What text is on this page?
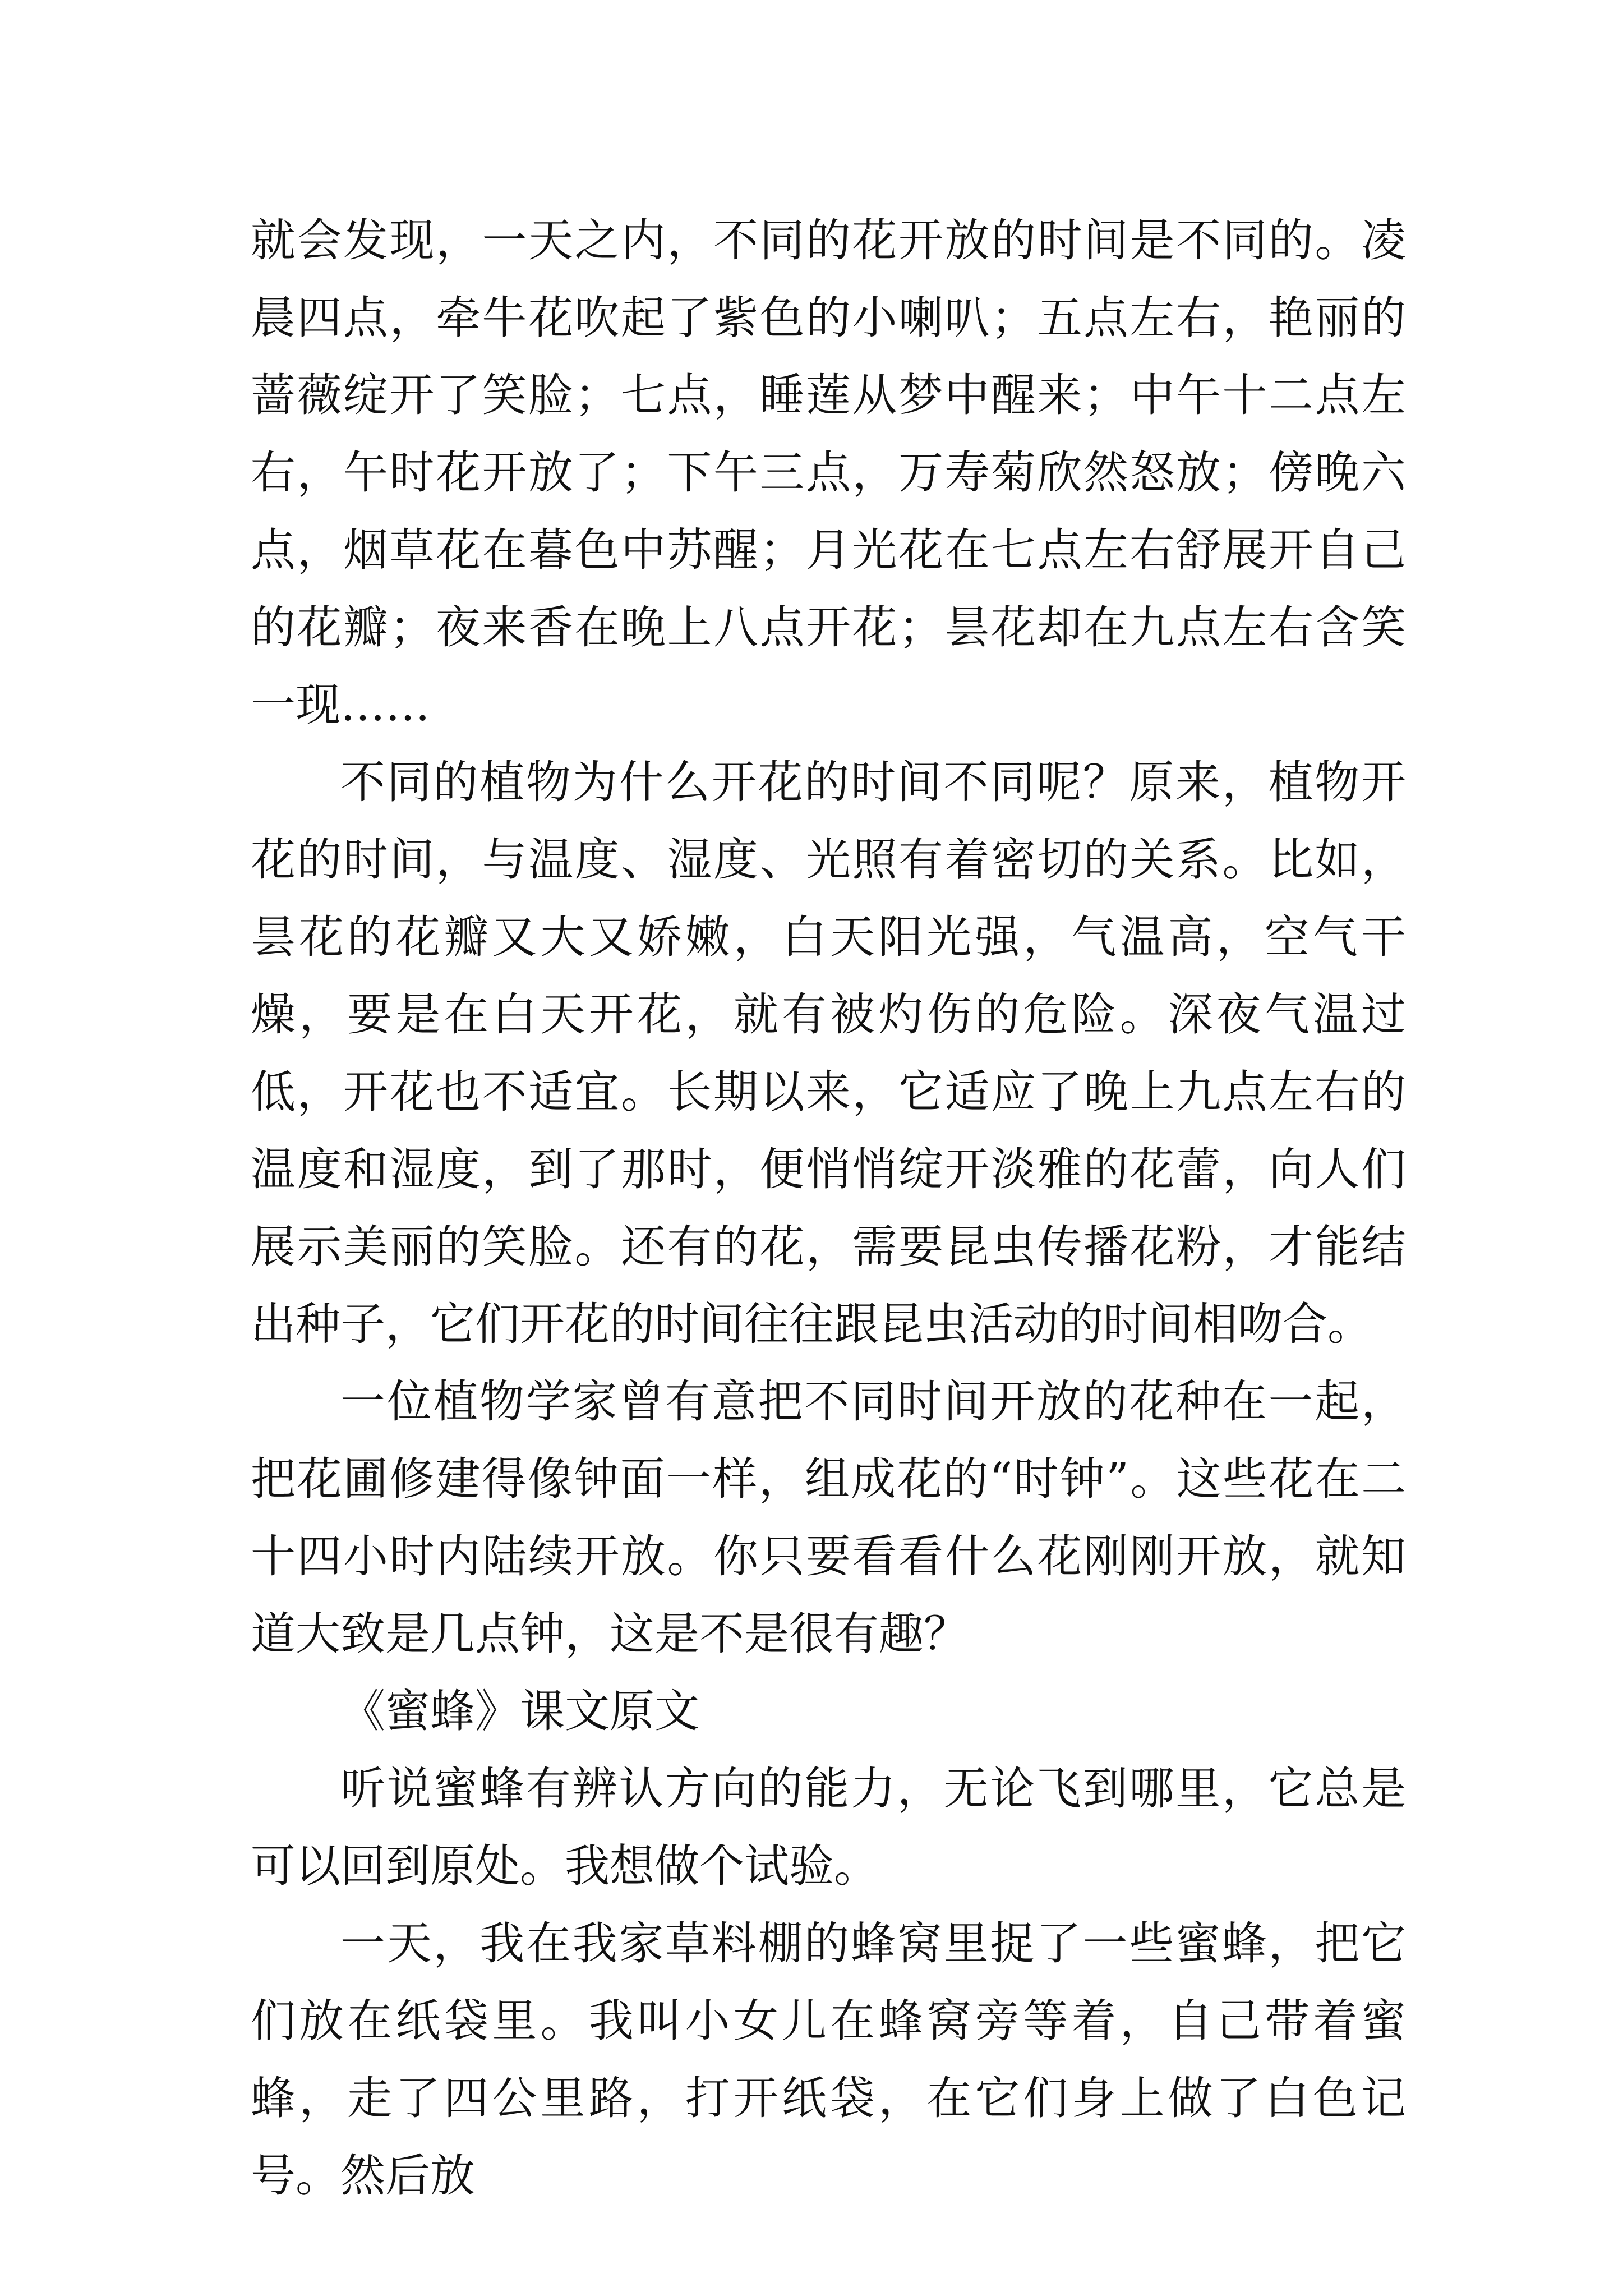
就会发现，一天之内，不同的花开放的时间是不同的。凌晨四点，牵牛花吹起了紫色的小喇叭；五点左右，艳丽的蔷薇绽开了笑脸；七点，睡莲从梦中醒来；中午十二点左右，午时花开放了；下午三点，万寿菊欣然怒放；傍晚六点，烟草花在暮色中苏醒；月光花在七点左右舒展开自己的花瓣；夜来香在晚上八点开花；昙花却在九点左右含笑一现……

不同的植物为什么开花的时间不同呢？原来，植物开花的时间，与温度、湿度、光照有着密切的关系。比如，昙花的花瓣又大又娇嫩，白天阳光强，气温高，空气干燥，要是在白天开花，就有被灼伤的危险。深夜气温过低，开花也不适宜。长期以来，它适应了晚上九点左右的温度和湿度，到了那时，便悄悄绽开淡雅的花蕾，向人们展示美丽的笑脸。还有的花，需要昆虫传播花粉，才能结出种子，它们开花的时间往往跟昆虫活动的时间相吻合。

一位植物学家曾有意把不同时间开放的花种在一起，把花圃修建得像钟面一样，组成花的“时钟”。这些花在二十四小时内陆续开放。你只要看看什么花刚刚开放，就知道大致是几点钟，这是不是很有趣？

《蜜蜂》课文原文

听说蜜蜂有辨认方向的能力，无论飞到哪里，它总是可以回到原处。我想做个试验。

一天，我在我家草料棚的蜂窝里捉了一些蜜蜂，把它们放在纸袋里。我叫小女儿在蜂窝旁等着，自己带着蜜蜂，走了四公里路，打开纸袋，在它们身上做了白色记号。然后放
